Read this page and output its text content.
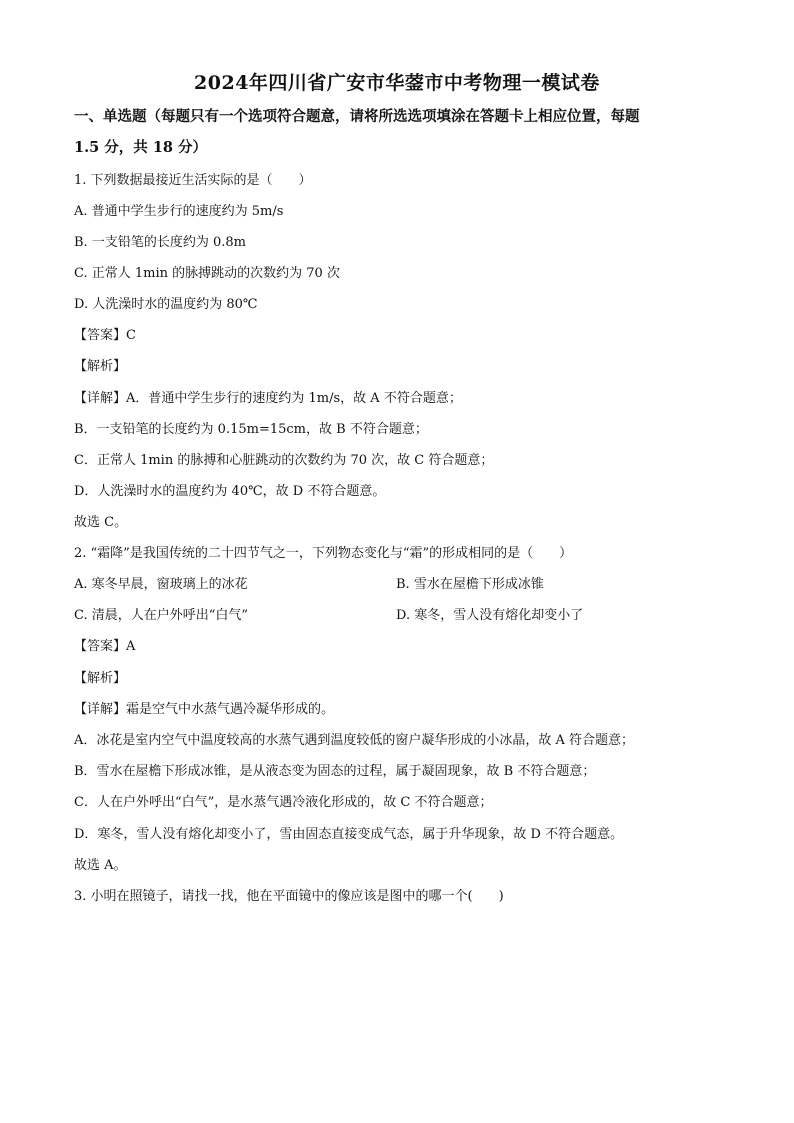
2024年四川省广安市华蓥市中考物理一模试卷
一、单选题（每题只有一个选项符合题意，请将所选选项填涂在答题卡上相应位置，每题
1.5 分，共 18 分）
1. 下列数据最接近生活实际的是（　　）
A. 普通中学生步行的速度约为 5m/s
B. 一支铅笔的长度约为 0.8m
C. 正常人 1min 的脉搏跳动的次数约为 70 次
D. 人洗澡时水的温度约为 80℃
【答案】C
【解析】
【详解】A．普通中学生步行的速度约为 1m/s，故 A 不符合题意；
B．一支铅笔的长度约为 0.15m=15cm，故 B 不符合题意；
C．正常人 1min 的脉搏和心脏跳动的次数约为 70 次，故 C 符合题意；
D．人洗澡时水的温度约为 40℃，故 D 不符合题意。
故选 C。
2. “霜降”是我国传统的二十四节气之一，下列物态变化与“霜”的形成相同的是（　　）
A. 寒冬早晨，窗玻璃上的冰花	B. 雪水在屋檐下形成冰锥
C. 清晨，人在户外呼出“白气”	D. 寒冬，雪人没有熔化却变小了
【答案】A
【解析】
【详解】霜是空气中水蒸气遇冷凝华形成的。
A．冰花是室内空气中温度较高的水蒸气遇到温度较低的窗户凝华形成的小冰晶，故 A 符合题意；
B．雪水在屋檐下形成冰锥，是从液态变为固态的过程，属于凝固现象，故 B 不符合题意；
C．人在户外呼出“白气”，是水蒸气遇冷液化形成的，故 C 不符合题意；
D．寒冬，雪人没有熔化却变小了，雪由固态直接变成气态，属于升华现象，故 D 不符合题意。
故选 A。
3. 小明在照镜子，请找一找，他在平面镜中的像应该是图中的哪一个(　　)
